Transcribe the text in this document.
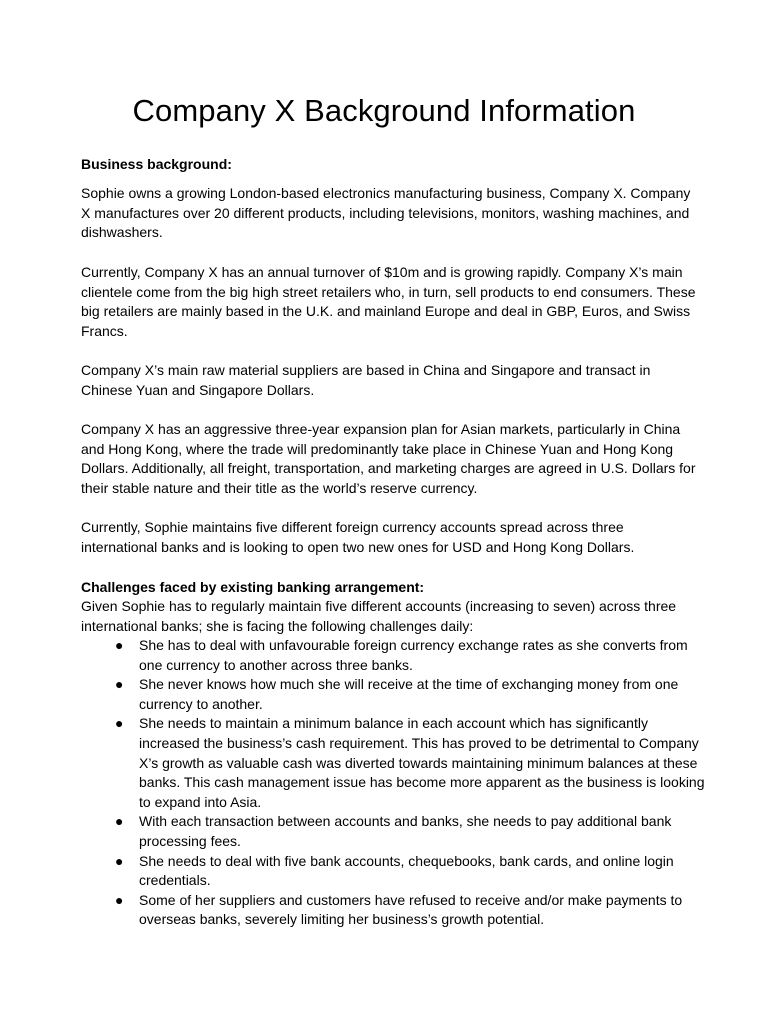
Company X Background Information

Business background:

Sophie owns a growing London-based electronics manufacturing business, Company X. Company X manufactures over 20 different products, including televisions, monitors, washing machines, and dishwashers.

Currently, Company X has an annual turnover of $10m and is growing rapidly. Company X’s main clientele come from the big high street retailers who, in turn, sell products to end consumers. These big retailers are mainly based in the U.K. and mainland Europe and deal in GBP, Euros, and Swiss Francs.

Company X’s main raw material suppliers are based in China and Singapore and transact in Chinese Yuan and Singapore Dollars.

Company X has an aggressive three-year expansion plan for Asian markets, particularly in China and Hong Kong, where the trade will predominantly take place in Chinese Yuan and Hong Kong Dollars. Additionally, all freight, transportation, and marketing charges are agreed in U.S. Dollars for their stable nature and their title as the world’s reserve currency.

Currently, Sophie maintains five different foreign currency accounts spread across three international banks and is looking to open two new ones for USD and Hong Kong Dollars.

Challenges faced by existing banking arrangement:

Given Sophie has to regularly maintain five different accounts (increasing to seven) across three international banks; she is facing the following challenges daily:

● She has to deal with unfavourable foreign currency exchange rates as she converts from one currency to another across three banks.
● She never knows how much she will receive at the time of exchanging money from one currency to another.
● She needs to maintain a minimum balance in each account which has significantly increased the business’s cash requirement. This has proved to be detrimental to Company X’s growth as valuable cash was diverted towards maintaining minimum balances at these banks. This cash management issue has become more apparent as the business is looking to expand into Asia.
● With each transaction between accounts and banks, she needs to pay additional bank processing fees.
● She needs to deal with five bank accounts, chequebooks, bank cards, and online login credentials.
● Some of her suppliers and customers have refused to receive and/or make payments to overseas banks, severely limiting her business’s growth potential.
